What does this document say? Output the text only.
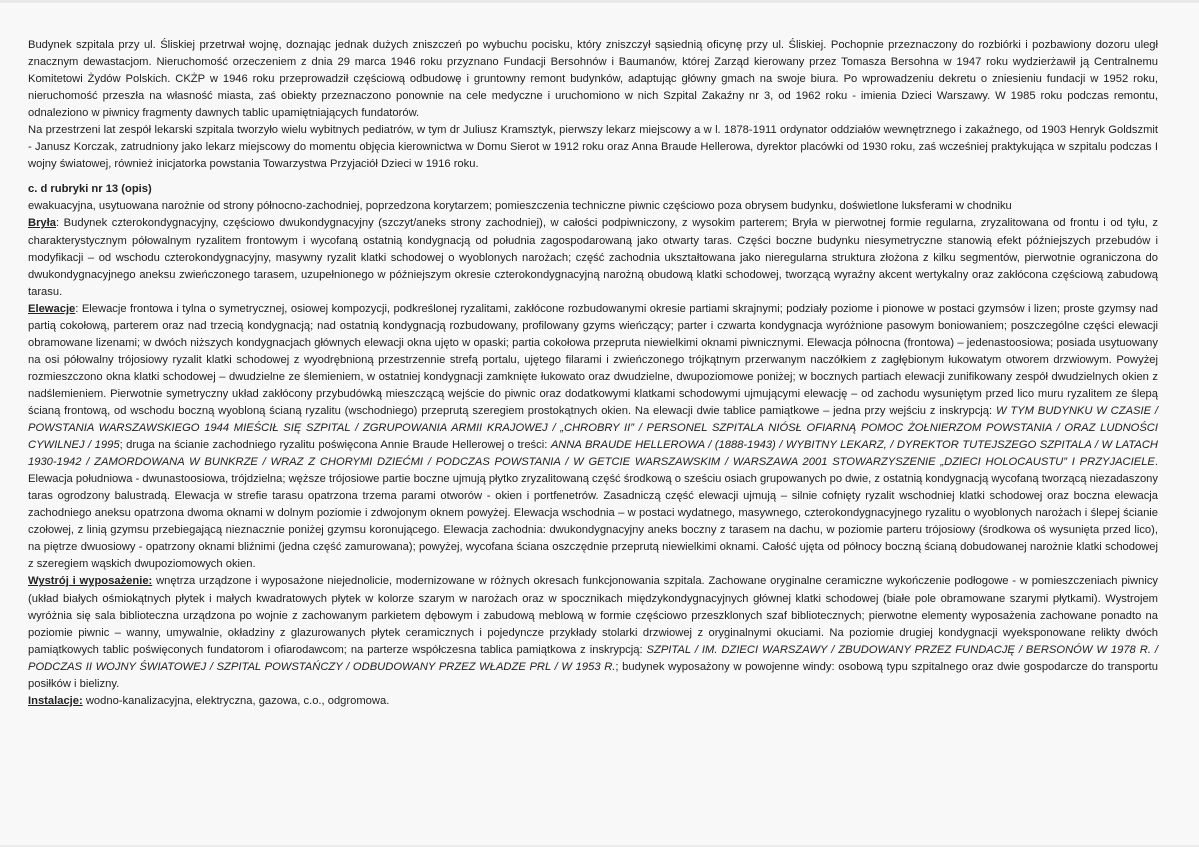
Budynek szpitala przy ul. Śliskiej przetrwał wojnę, doznając jednak dużych zniszczeń po wybuchu pocisku, który zniszczył sąsiednią oficynę przy ul. Śliskiej. Pochopnie przeznaczony do rozbiórki i pozbawiony dozoru uległ znacznym dewastacjom. Nieruchomość orzeczeniem z dnia 29 marca 1946 roku przyznano Fundacji Bersohnów i Baumanów, której Zarząd kierowany przez Tomasza Bersohna w 1947 roku wydzierżawił ją Centralnemu Komitetowi Żydów Polskich. CKŻP w 1946 roku przeprowadził częściową odbudowę i gruntowny remont budynków, adaptując główny gmach na swoje biura. Po wprowadzeniu dekretu o zniesieniu fundacji w 1952 roku, nieruchomość przeszła na własność miasta, zaś obiekty przeznaczono ponownie na cele medyczne i uruchomiono w nich Szpital Zakaźny nr 3, od 1962 roku - imienia Dzieci Warszawy. W 1985 roku podczas remontu, odnaleziono w piwnicy fragmenty dawnych tablic upamiętniających fundatorów.

Na przestrzeni lat zespół lekarski szpitala tworzyło wielu wybitnych pediatrów, w tym dr Juliusz Kramsztyk, pierwszy lekarz miejscowy a w l. 1878-1911 ordynator oddziałów wewnętrznego i zakaźnego, od 1903 Henryk Goldszmit - Janusz Korczak, zatrudniony jako lekarz miejscowy do momentu objęcia kierownictwa w Domu Sierot w 1912 roku oraz Anna Braude Hellerowa, dyrektor placówki od 1930 roku, zaś wcześniej praktykująca w szpitalu podczas I wojny światowej, również inicjatorka powstania Towarzystwa Przyjaciół Dzieci w 1916 roku.

c. d rubryki nr 13 (opis)

ewakuacyjna, usytuowana narożnie od strony północno-zachodniej, poprzedzona korytarzem; pomieszczenia techniczne piwnic częściowo poza obrysem budynku, doświetlone luksferami w chodniku

Bryła: Budynek czterokondygnacyjny, częściowo dwukondygnacyjny (szczyt/aneks strony zachodniej), w całości podpiwniczony, z wysokim parterem; Bryła w pierwotnej formie regularna, zryzalitowana od frontu i od tyłu, z charakterystycznym półowalnym ryzalitem frontowym i wycofaną ostatnią kondygnacją od południa zagospodarowaną jako otwarty taras. Części boczne budynku niesymetryczne stanowią efekt późniejszych przebudów i modyfikacji – od wschodu czterokondygnacyjny, masywny ryzalit klatki schodowej o wyoblonych narożach; część zachodnia ukształtowana jako nieregularna struktura złożona z kilku segmentów, pierwotnie ograniczona do dwukondygnacyjnego aneksu zwieńczonego tarasem, uzupełnionego w późniejszym okresie czterokondygnacyjną narożną obudową klatki schodowej, tworzącą wyraźny akcent wertykalny oraz zakłócona częściową zabudową tarasu.

Elewacje: Elewacje frontowa i tylna o symetrycznej, osiowej kompozycji, podkreślonej ryzalitami, zakłócone rozbudowanymi okresie partiami skrajnymi; podziały poziome i pionowe w postaci gzymsów i lizen; proste gzymsy nad partią cokołową, parterem oraz nad trzecią kondygnacją; nad ostatnią kondygnacją rozbudowany, profilowany gzyms wieńczący; parter i czwarta kondygnacja wyróżnione pasowym boniowaniem; poszczególne części elewacji obramowane lizenami; w dwóch niższych kondygnacjach głównych elewacji okna ujęto w opaski; partia cokołowa przepruta niewielkimi oknami piwnicznymi. Elewacja północna (frontowa) – jedenastoosiowa; posiada usytuowany na osi półowalny trójosiowy ryzalit klatki schodowej z wyodrębnioną przestrzennie strefą portalu, ujętego filarami i zwieńczonego trójkątnym przerwanym naczółkiem z zagłębionym łukowatym otworem drzwiowym. Powyżej rozmieszczono okna klatki schodowej – dwudzielne ze ślemieniem, w ostatniej kondygnacji zamknięte łukowato oraz dwudzielne, dwupoziomowe poniżej; w bocznych partiach elewacji zunifikowany zespół dwudzielnych okien z nadślemieniem. Pierwotnie symetryczny układ zakłócony przybudówką mieszczącą wejście do piwnic oraz dodatkowymi klatkami schodowymi ujmującymi elewację – od zachodu wysuniętym przed lico muru ryzalitem ze ślepą ścianą frontową, od wschodu boczną wyobloną ścianą ryzalitu (wschodniego) przeprutą szeregiem prostokątnych okien. Na elewacji dwie tablice pamiątkowe – jedna przy wejściu z inskrypcją: W TYM BUDYNKU W CZASIE / POWSTANIA WARSZAWSKIEGO 1944 MIEŚCIŁ SIĘ SZPITAL / ZGRUPOWANIA ARMII KRAJOWEJ / „CHROBRY II” / PERSONEL SZPITALA NIÓSŁ OFIARNĄ POMOC ŻOŁNIERZOM POWSTANIA / ORAZ LUDNOŚCI CYWILNEJ / 1995; druga na ścianie zachodniego ryzalitu poświęcona Annie Braude Hellerowej o treści: ANNA BRAUDE HELLEROWA / (1888-1943) / WYBITNY LEKARZ, / DYREKTOR TUTEJSZEGO SZPITALA / W LATACH 1930-1942 / ZAMORDOWANA W BUNKRZE / WRAZ Z CHORYMI DZIEĆMI / PODCZAS POWSTANIA / W GETCIE WARSZAWSKIM / WARSZAWA 2001 STOWARZYSZENIE „DZIECI HOLOCAUSTU” I PRZYJACIELE. Elewacja południowa - dwunastoosiowa, trójdzielna; węższe trójosiowe partie boczne ujmują płytko zryzalitowaną część środkową o sześciu osiach grupowanych po dwie, z ostatnią kondygnacją wycofaną tworzącą niezadaszony taras ogrodzony balustradą. Elewacja w strefie tarasu opatrzona trzema parami otworów - okien i portfenetrów. Zasadniczą część elewacji ujmują – silnie cofnięty ryzalit wschodniej klatki schodowej oraz boczna elewacja zachodniego aneksu opatrzona dwoma oknami w dolnym poziomie i zdwojonym oknem powyżej. Elewacja wschodnia – w postaci wydatnego, masywnego, czterokondygnacyjnego ryzalitu o wyoblonych narożach i ślepej ścianie czołowej, z linią gzymsu przebiegającą nieznacznie poniżej gzymsu koronującego. Elewacja zachodnia: dwukondygnacyjny aneks boczny z tarasem na dachu, w poziomie parteru trójosiowy (środkowa oś wysunięta przed lico), na piętrze dwuosiowy - opatrzony oknami bliźnimi (jedna część zamurowana); powyżej, wycofana ściana oszczędnie przeprutą niewielkimi oknami. Całość ujęta od północy boczną ścianą dobudowanej narożnie klatki schodowej z szeregiem wąskich dwupoziomowych okien.

Wystrój i wyposażenie: wnętrza urządzone i wyposażone niejednolicie, modernizowane w różnych okresach funkcjonowania szpitala. Zachowane oryginalne ceramiczne wykończenie podłogowe - w pomieszczeniach piwnicy (układ białych ośmiokątnych płytek i małych kwadratowych płytek w kolorze szarym w narożach oraz w spocznikach międzykondygnacyjnych głównej klatki schodowej (białe pole obramowane szarymi płytkami). Wystrojem wyróżnia się sala biblioteczna urządzona po wojnie z zachowanym parkietem dębowym i zabudową meblową w formie częściowo przeszklonych szaf bibliotecznych; pierwotne elementy wyposażenia zachowane ponadto na poziomie piwnic – wanny, umywalnie, okładziny z glazurowanych płytek ceramicznych i pojedyncze przykłady stolarki drzwiowej z oryginalnymi okuciami. Na poziomie drugiej kondygnacji wyeksponowane relikty dwóch pamiątkowych tablic poświęconych fundatorom i ofiarodawcom; na parterze współczesna tablica pamiątkowa z inskrypcją: SZPITAL / IM. DZIECI WARSZAWY / ZBUDOWANY PRZEZ FUNDACJĘ / BERSONÓW W 1978 R. / PODCZAS II WOJNY ŚWIATOWEJ / SZPITAL POWSTAŃCZY / ODBUDOWANY PRZEZ WŁADZE PRL / W 1953 R.; budynek wyposażony w powojenne windy: osobową typu szpitalnego oraz dwie gospodarcze do transportu posiłków i bielizny.

Instalacje: wodno-kanalizacyjna, elektryczna, gazowa, c.o., odgromowa.
